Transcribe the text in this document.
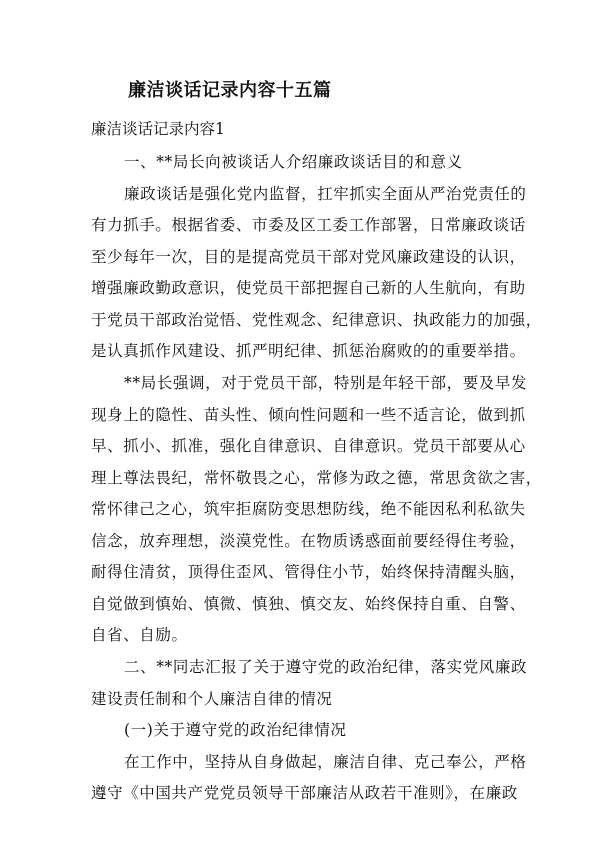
廉洁谈话记录内容十五篇
廉洁谈话记录内容1
一、**局长向被谈话人介绍廉政谈话目的和意义
廉政谈话是强化党内监督，扛牢抓实全面从严治党责任的
有力抓手。根据省委、市委及区工委工作部署，日常廉政谈话
至少每年一次，目的是提高党员干部对党风廉政建设的认识，
增强廉政勤政意识，使党员干部把握自己新的人生航向，有助
于党员干部政治觉悟、党性观念、纪律意识、执政能力的加强，
是认真抓作风建设、抓严明纪律、抓惩治腐败的的重要举措。
**局长强调，对于党员干部，特别是年轻干部，要及早发
现身上的隐性、苗头性、倾向性问题和一些不适言论，做到抓
早、抓小、抓准，强化自律意识、自律意识。党员干部要从心
理上尊法畏纪，常怀敬畏之心，常修为政之德，常思贪欲之害，
常怀律己之心，筑牢拒腐防变思想防线，绝不能因私利私欲失
信念，放弃理想，淡漠党性。在物质诱惑面前要经得住考验，
耐得住清贫，顶得住歪风、管得住小节，始终保持清醒头脑，
自觉做到慎始、慎微、慎独、慎交友、始终保持自重、自警、
自省、自励。
二、**同志汇报了关于遵守党的政治纪律，落实党风廉政
建设责任制和个人廉洁自律的情况
(一)关于遵守党的政治纪律情况
在工作中，坚持从自身做起，廉洁自律、克己奉公，严格
遵守《中国共产党党员领导干部廉洁从政若干准则》，在廉政
